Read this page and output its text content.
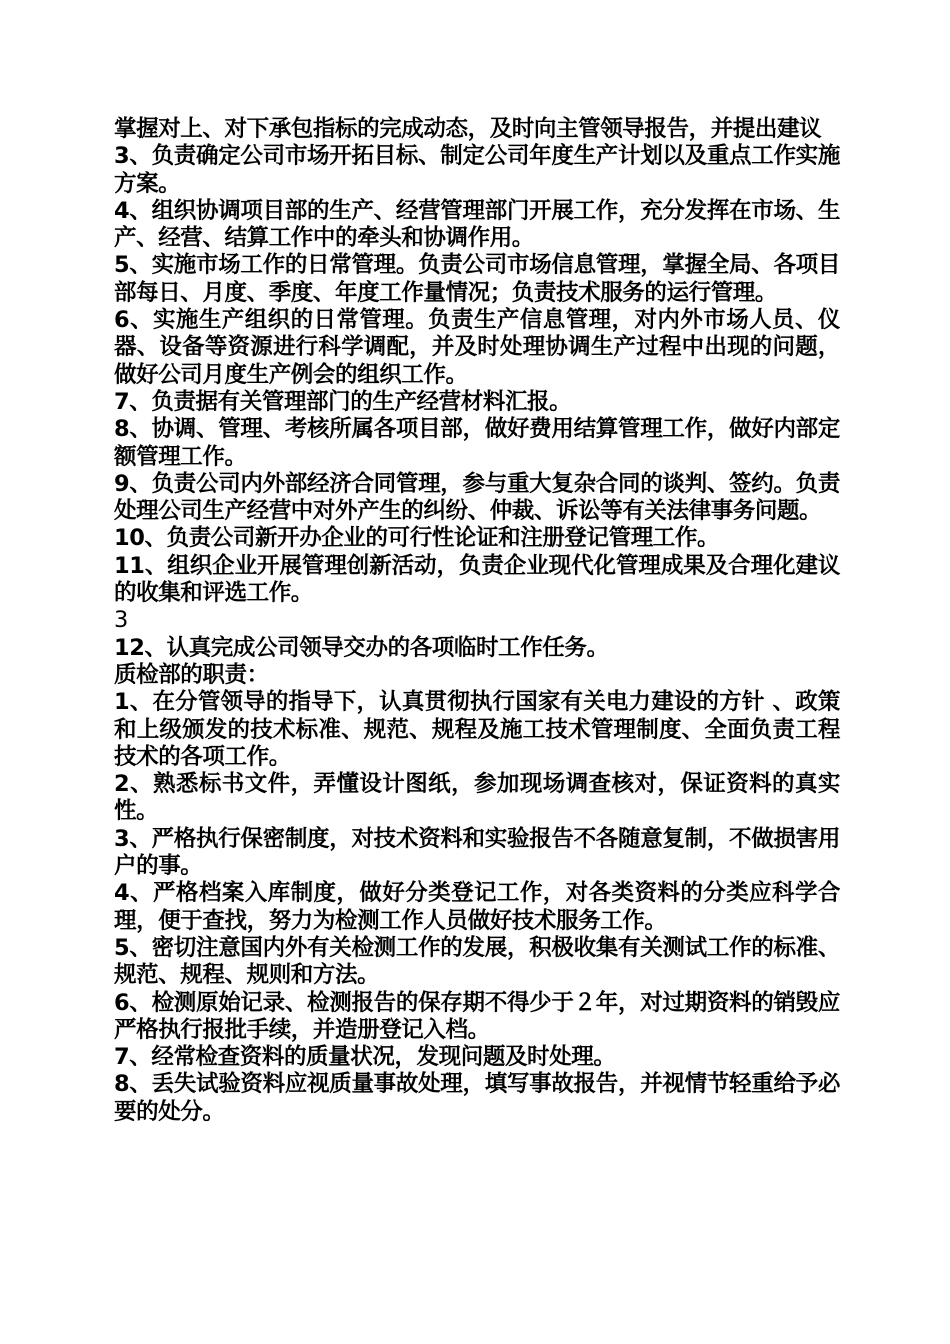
掌握对上、对下承包指标的完成动态，及时向主管领导报告，并提出建议

3、负责确定公司市场开拓目标、制定公司年度生产计划以及重点工作实施方案。

4、组织协调项目部的生产、经营管理部门开展工作，充分发挥在市场、生产、经营、结算工作中的牵头和协调作用。

5、实施市场工作的日常管理。负责公司市场信息管理，掌握全局、各项目部每日、月度、季度、年度工作量情况；负责技术服务的运行管理。

6、实施生产组织的日常管理。负责生产信息管理，对内外市场人员、仪器、设备等资源进行科学调配，并及时处理协调生产过程中出现的问题，做好公司月度生产例会的组织工作。

7、负责据有关管理部门的生产经营材料汇报。

8、协调、管理、考核所属各项目部，做好费用结算管理工作，做好内部定额管理工作。

9、负责公司内外部经济合同管理，参与重大复杂合同的谈判、签约。负责处理公司生产经营中对外产生的纠纷、仲裁、诉讼等有关法律事务问题。

10、负责公司新开办企业的可行性论证和注册登记管理工作。

11、组织企业开展管理创新活动，负责企业现代化管理成果及合理化建议的收集和评选工作。

3

12、认真完成公司领导交办的各项临时工作任务。

质检部的职责：

1、在分管领导的指导下，认真贯彻执行国家有关电力建设的方针 、政策和上级颁发的技术标准、规范、规程及施工技术管理制度、全面负责工程技术的各项工作。

2、熟悉标书文件，弄懂设计图纸，参加现场调查核对，保证资料的真实性。

3、严格执行保密制度，对技术资料和实验报告不各随意复制，不做损害用户的事。

4、严格档案入库制度，做好分类登记工作，对各类资料的分类应科学合理，便于查找，努力为检测工作人员做好技术服务工作。

5、密切注意国内外有关检测工作的发展，积极收集有关测试工作的标准、规范、规程、规则和方法。

6、检测原始记录、检测报告的保存期不得少于２年，对过期资料的销毁应严格执行报批手续，并造册登记入档。

7、经常检查资料的质量状况，发现问题及时处理。

8、丢失试验资料应视质量事故处理，填写事故报告，并视情节轻重给予必要的处分。
